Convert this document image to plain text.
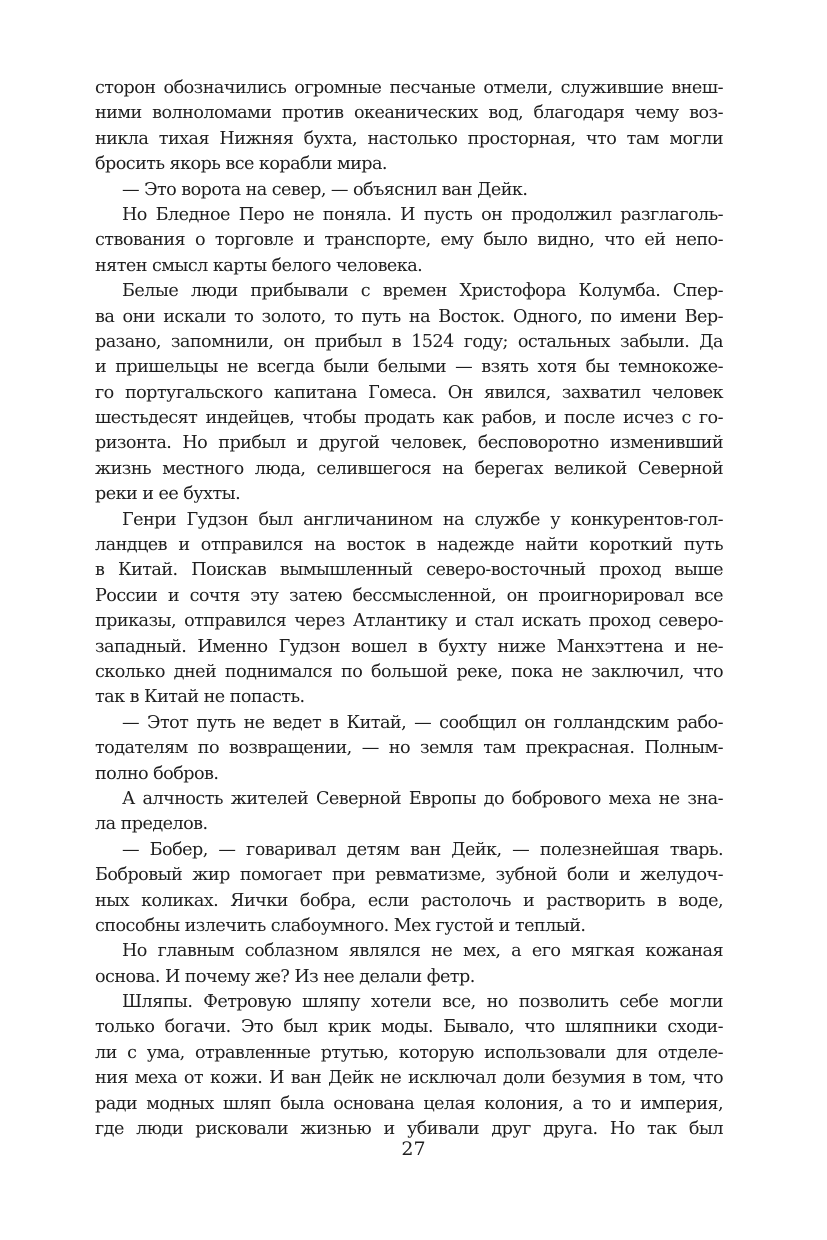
сторон обозначились огромные песчаные отмели, служившие внеш-
ними волноломами против океанических вод, благодаря чему воз-
никла тихая Нижняя бухта, настолько просторная, что там могли
бросить якорь все корабли мира.
— Это ворота на север, — объяснил ван Дейк.
Но Бледное Перо не поняла. И пусть он продолжил разглаголь-
ствования о торговле и транспорте, ему было видно, что ей непо-
нятен смысл карты белого человека.
Белые люди прибывали с времен Христофора Колумба. Спер-
ва они искали то золото, то путь на Восток. Одного, по имени Вер-
разано, запомнили, он прибыл в 1524 году; остальных забыли. Да
и пришельцы не всегда были белыми — взять хотя бы темнокоже-
го португальского капитана Гомеса. Он явился, захватил человек
шестьдесят индейцев, чтобы продать как рабов, и после исчез с го-
ризонта. Но прибыл и другой человек, бесповоротно изменивший
жизнь местного люда, селившегося на берегах великой Северной
реки и ее бухты.
Генри Гудзон был англичанином на службе у конкурентов-гол-
ландцев и отправился на восток в надежде найти короткий путь
в Китай. Поискав вымышленный северо-восточный проход выше
России и сочтя эту затею бессмысленной, он проигнорировал все
приказы, отправился через Атлантику и стал искать проход северо-
западный. Именно Гудзон вошел в бухту ниже Манхэттена и не-
сколько дней поднимался по большой реке, пока не заключил, что
так в Китай не попасть.
— Этот путь не ведет в Китай, — сообщил он голландским рабо-
тодателям по возвращении, — но земля там прекрасная. Полным-
полно бобров.
А алчность жителей Северной Европы до бобрового меха не зна-
ла пределов.
— Бобер, — говаривал детям ван Дейк, — полезнейшая тварь.
Бобровый жир помогает при ревматизме, зубной боли и желудоч-
ных коликах. Яички бобра, если растолочь и растворить в воде,
способны излечить слабоумного. Мех густой и теплый.
Но главным соблазном являлся не мех, а его мягкая кожаная
основа. И почему же? Из нее делали фетр.
Шляпы. Фетровую шляпу хотели все, но позволить себе могли
только богачи. Это был крик моды. Бывало, что шляпники сходи-
ли с ума, отравленные ртутью, которую использовали для отделе-
ния меха от кожи. И ван Дейк не исключал доли безумия в том, что
ради модных шляп была основана целая колония, а то и империя,
где люди рисковали жизнью и убивали друг друга. Но так был
27
